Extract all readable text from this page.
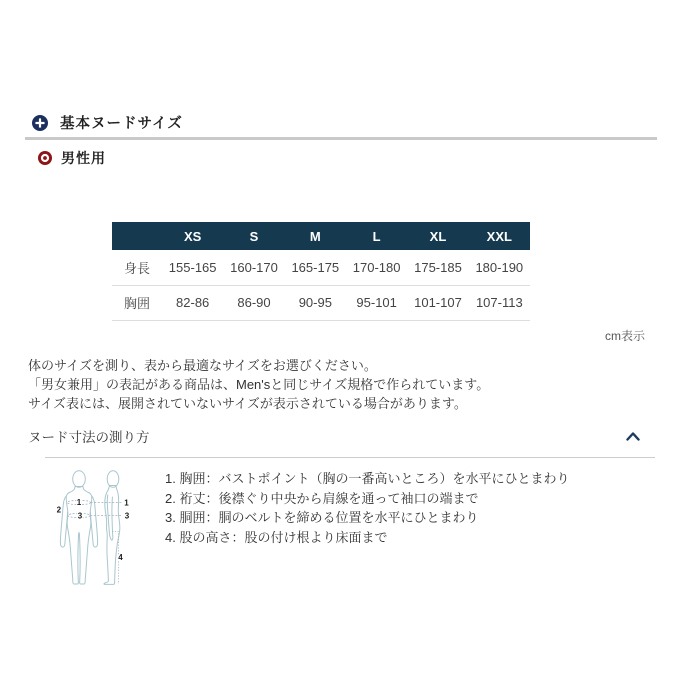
基本ヌードサイズ
男性用
	XS	S	M	L	XL	XXL
身長	155-165	160-170	165-175	170-180	175-185	180-190
胸囲	82-86	86-90	90-95	95-101	101-107	107-113
cm表示
体のサイズを測り、表から最適なサイズをお選びください。
「男女兼用」の表記がある商品は、Men'sと同じサイズ規格で作られています。
サイズ表には、展開されていないサイズが表示されている場合があります。
ヌード寸法の測り方
1
2
3
1
3
4
1. 胸囲：バストポイント（胸の一番高いところ）を水平にひとまわり
2. 裄丈：後襟ぐり中央から肩線を通って袖口の端まで
3. 胴囲：胴のベルトを締める位置を水平にひとまわり
4. 股の高さ：股の付け根より床面まで
